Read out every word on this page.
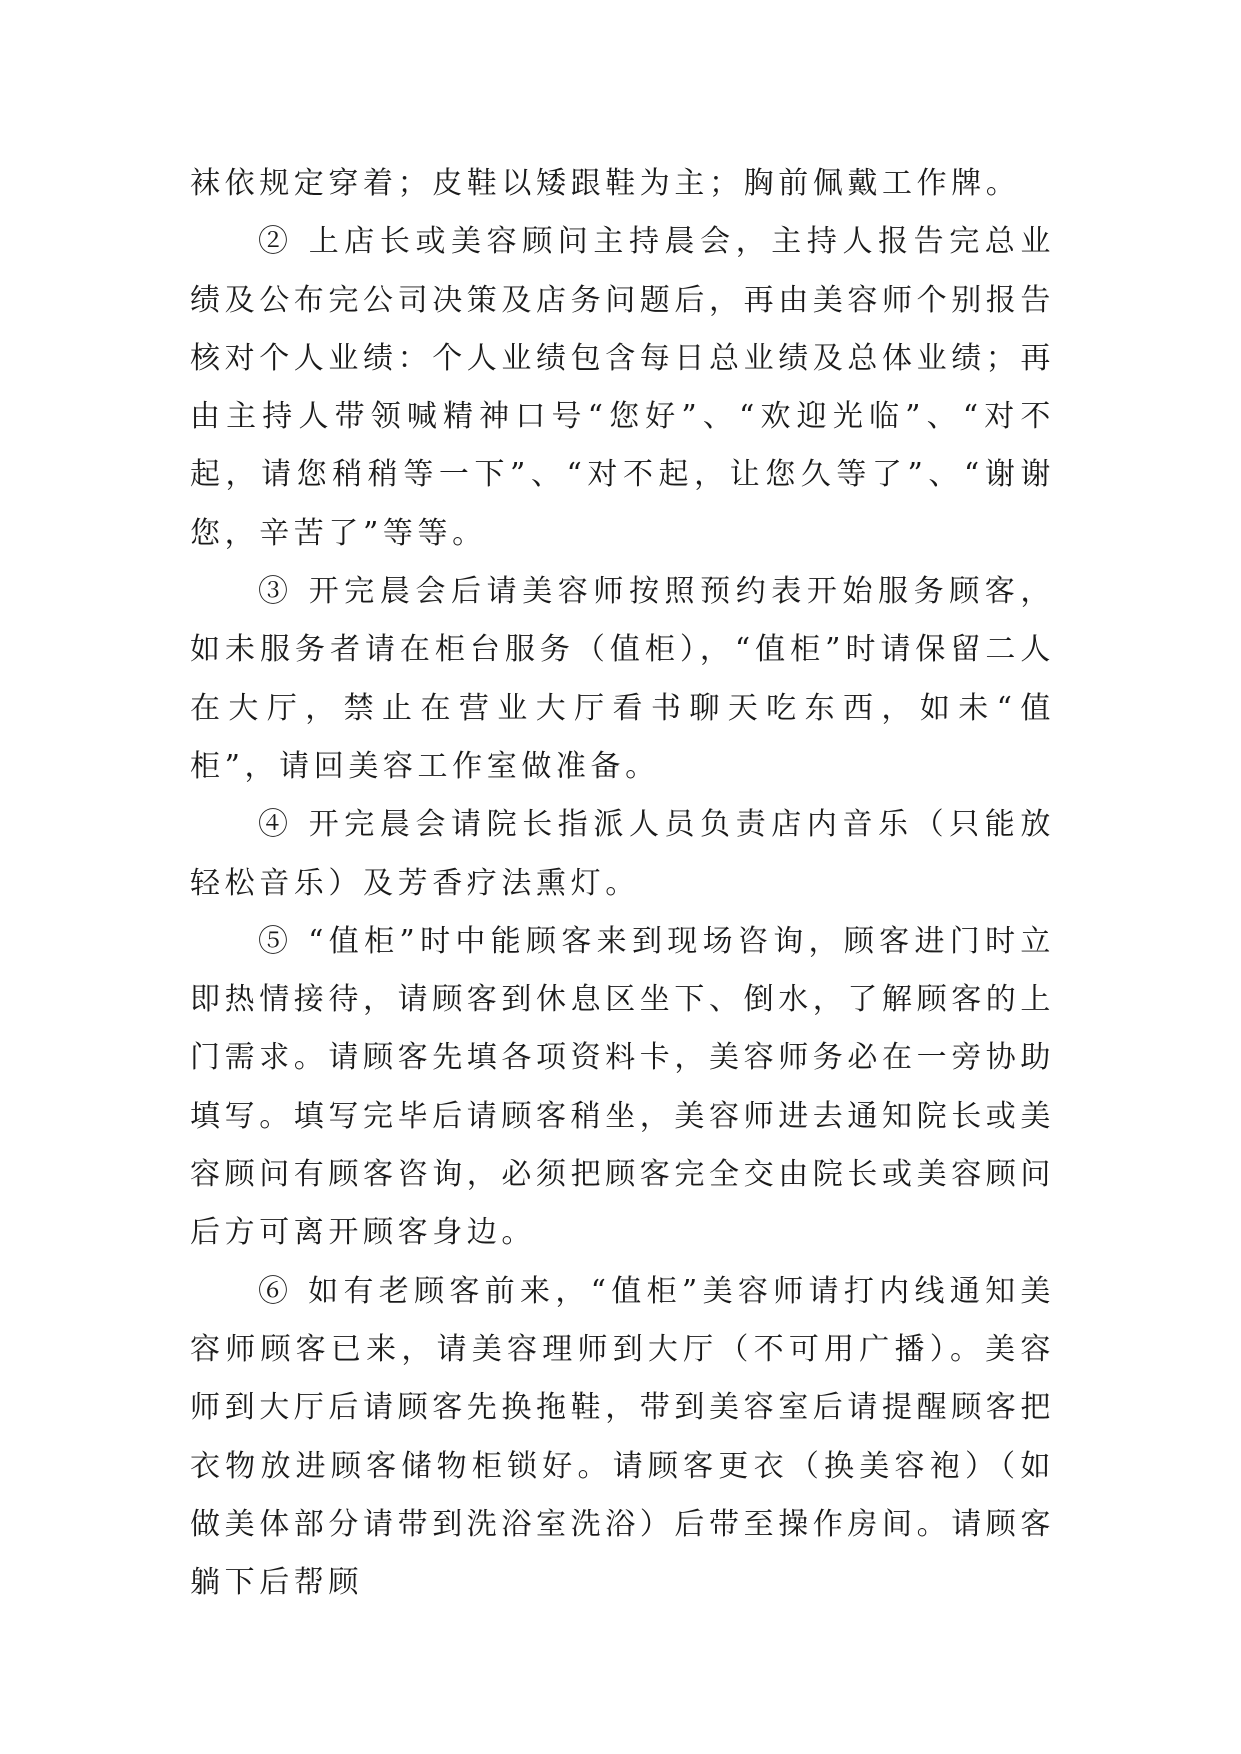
袜依规定穿着；皮鞋以矮跟鞋为主；胸前佩戴工作牌。

② 上店长或美容顾问主持晨会，主持人报告完总业绩及公布完公司决策及店务问题后，再由美容师个别报告核对个人业绩：个人业绩包含每日总业绩及总体业绩；再由主持人带领喊精神口号“您好”、“欢迎光临”、“对不起，请您稍稍等一下”、“对不起，让您久等了”、“谢谢您，辛苦了”等等。

③ 开完晨会后请美容师按照预约表开始服务顾客，如未服务者请在柜台服务（值柜），“值柜”时请保留二人在大厅，禁止在营业大厅看书聊天吃东西，如未“值柜”，请回美容工作室做准备。

④ 开完晨会请院长指派人员负责店内音乐（只能放轻松音乐）及芳香疗法熏灯。

⑤ “值柜”时中能顾客来到现场咨询，顾客进门时立即热情接待，请顾客到休息区坐下、倒水，了解顾客的上门需求。请顾客先填各项资料卡，美容师务必在一旁协助填写。填写完毕后请顾客稍坐，美容师进去通知院长或美容顾问有顾客咨询，必须把顾客完全交由院长或美容顾问后方可离开顾客身边。

⑥ 如有老顾客前来，“值柜”美容师请打内线通知美容师顾客已来，请美容理师到大厅（不可用广播）。美容师到大厅后请顾客先换拖鞋，带到美容室后请提醒顾客把衣物放进顾客储物柜锁好。请顾客更衣（换美容袍）（如做美体部分请带到洗浴室洗浴）后带至操作房间。请顾客躺下后帮顾
